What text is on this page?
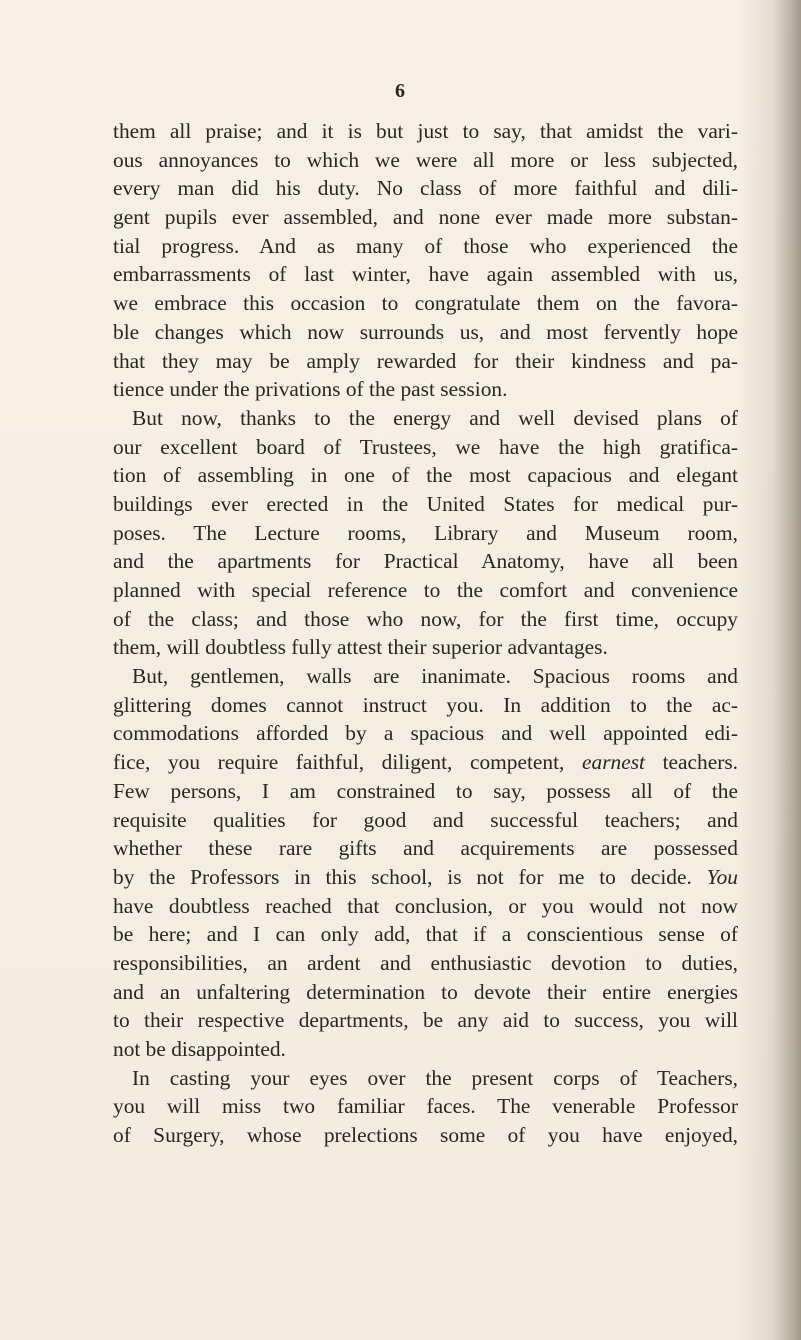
6
them all praise; and it is but just to say, that amidst the vari-
ous annoyances to which we were all more or less subjected,
every man did his duty. No class of more faithful and dili-
gent pupils ever assembled, and none ever made more substan-
tial progress. And as many of those who experienced the
embarrassments of last winter, have again assembled with us,
we embrace this occasion to congratulate them on the favora-
ble changes which now surrounds us, and most fervently hope
that they may be amply rewarded for their kindness and pa-
tience under the privations of the past session.
But now, thanks to the energy and well devised plans of
our excellent board of Trustees, we have the high gratifica-
tion of assembling in one of the most capacious and elegant
buildings ever erected in the United States for medical pur-
poses. The Lecture rooms, Library and Museum room,
and the apartments for Practical Anatomy, have all been
planned with special reference to the comfort and convenience
of the class; and those who now, for the first time, occupy
them, will doubtless fully attest their superior advantages.
But, gentlemen, walls are inanimate. Spacious rooms and
glittering domes cannot instruct you. In addition to the ac-
commodations afforded by a spacious and well appointed edi-
fice, you require faithful, diligent, competent, earnest teachers.
Few persons, I am constrained to say, possess all of the
requisite qualities for good and successful teachers; and
whether these rare gifts and acquirements are possessed
by the Professors in this school, is not for me to decide. You
have doubtless reached that conclusion, or you would not now
be here; and I can only add, that if a conscientious sense of
responsibilities, an ardent and enthusiastic devotion to duties,
and an unfaltering determination to devote their entire energies
to their respective departments, be any aid to success, you will
not be disappointed.
In casting your eyes over the present corps of Teachers,
you will miss two familiar faces. The venerable Professor
of Surgery, whose prelections some of you have enjoyed,
